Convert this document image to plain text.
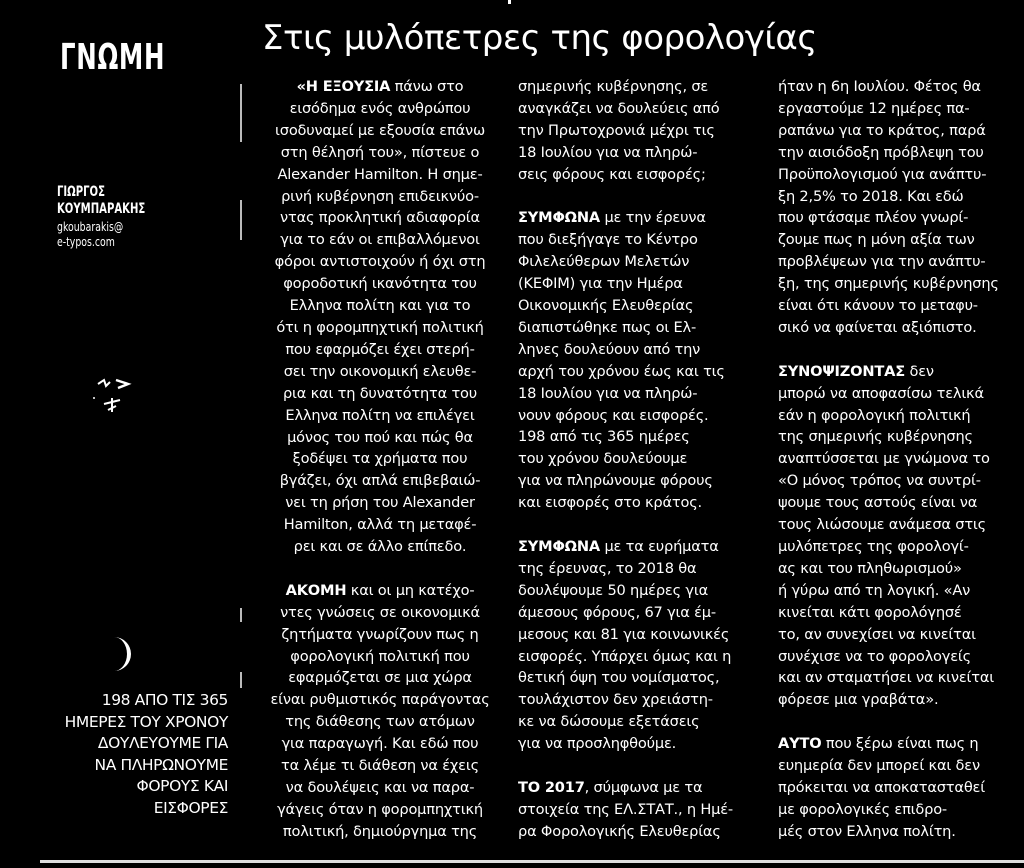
ΓΝΩΜΗ
ΓΙΩΡΓΟΣ
ΚΟΥΜΠΑΡΑΚΗΣ
gkoubarakis@
e-typos.com
198 ΑΠΟ ΤΙΣ 365
ΗΜΕΡΕΣ ΤΟΥ ΧΡΟΝΟΥ
ΔΟΥΛΕΥΟΥΜΕ ΓΙΑ
ΝΑ ΠΛΗΡΩΝΟΥΜΕ
ΦΟΡΟΥΣ ΚΑΙ
ΕΙΣΦΟΡΕΣ
Στις μυλόπετρες της φορολογίας

«Η ΕΞΟΥΣΙΑ πάνω στο
εισόδημα ενός ανθρώπου
ισοδυναμεί με εξουσία επάνω
στη θέλησή του», πίστευε ο
Alexander Hamilton. Η σημε-
ρινή κυβέρνηση επιδεικνύο-
ντας προκλητική αδιαφορία
για το εάν οι επιβαλλόμενοι
φόροι αντιστοιχούν ή όχι στη
φοροδοτική ικανότητα του
Ελληνα πολίτη και για το
ότι η φορομπηχτική πολιτική
που εφαρμόζει έχει στερή-
σει την οικονομική ελευθε-
ρια και τη δυνατότητα του
Ελληνα πολίτη να επιλέγει
μόνος του πού και πώς θα
ξοδέψει τα χρήματα που
βγάζει, όχι απλά επιβεβαιώ-
νει τη ρήση του Alexander
Hamilton, αλλά τη μεταφέ-
ρει και σε άλλο επίπεδο.

ΑΚΟΜΗ και οι μη κατέχο-
ντες γνώσεις σε οικονομικά
ζητήματα γνωρίζουν πως η
φορολογική πολιτική που
εφαρμόζεται σε μια χώρα
είναι ρυθμιστικός παράγοντας
της διάθεσης των ατόμων
για παραγωγή. Και εδώ που
τα λέμε τι διάθεση να έχεις
να δουλέψεις και να παρα-
γάγεις όταν η φορομπηχτική
πολιτική, δημιούργημα της

σημερινής κυβέρνησης, σε
αναγκάζει να δουλεύεις από
την Πρωτοχρονιά μέχρι τις
18 Ιουλίου για να πληρώ-
σεις φόρους και εισφορές;

ΣΥΜΦΩΝΑ με την έρευνα
που διεξήγαγε το Κέντρο
Φιλελεύθερων Μελετών
(ΚΕΦΙΜ) για την Ημέρα
Οικονομικής Ελευθερίας
διαπιστώθηκε πως οι Ελ-
ληνες δουλεύουν από την
αρχή του χρόνου έως και τις
18 Ιουλίου για να πληρώ-
νουν φόρους και εισφορές.
198 από τις 365 ημέρες
του χρόνου δουλεύουμε
για να πληρώνουμε φόρους
και εισφορές στο κράτος.

ΣΥΜΦΩΝΑ με τα ευρήματα
της έρευνας, το 2018 θα
δουλέψουμε 50 ημέρες για
άμεσους φόρους, 67 για έμ-
μεσους και 81 για κοινωνικές
εισφορές. Υπάρχει όμως και η
θετική όψη του νομίσματος,
τουλάχιστον δεν χρειάστη-
κε να δώσουμε εξετάσεις
για να προσληφθούμε.

ΤΟ 2017, σύμφωνα με τα
στοιχεία της ΕΛ.ΣΤΑΤ., η Ημέ-
ρα Φορολογικής Ελευθερίας

ήταν η 6η Ιουλίου. Φέτος θα
εργαστούμε 12 ημέρες πα-
ραπάνω για το κράτος, παρά
την αισιόδοξη πρόβλεψη του
Προϋπολογισμού για ανάπτυ-
ξη 2,5% το 2018. Και εδώ
που φτάσαμε πλέον γνωρί-
ζουμε πως η μόνη αξία των
προβλέψεων για την ανάπτυ-
ξη, της σημερινής κυβέρνησης
είναι ότι κάνουν το μεταφυ-
σικό να φαίνεται αξιόπιστο.

ΣΥΝΟΨΙΖΟΝΤΑΣ δεν
μπορώ να αποφασίσω τελικά
εάν η φορολογική πολιτική
της σημερινής κυβέρνησης
αναπτύσσεται με γνώμονα το
«Ο μόνος τρόπος να συντρί-
ψουμε τους αστούς είναι να
τους λιώσουμε ανάμεσα στις
μυλόπετρες της φορολογί-
ας και του πληθωρισμού»
ή γύρω από τη λογική. «Αν
κινείται κάτι φορολόγησέ
το, αν συνεχίσει να κινείται
συνέχισε να το φορολογείς
και αν σταματήσει να κινείται
φόρεσε μια γραβάτα».

ΑΥΤΟ που ξέρω είναι πως η
ευημερία δεν μπορεί και δεν
πρόκειται να αποκατασταθεί
με φορολογικές επιδρο-
μές στον Ελληνα πολίτη.
